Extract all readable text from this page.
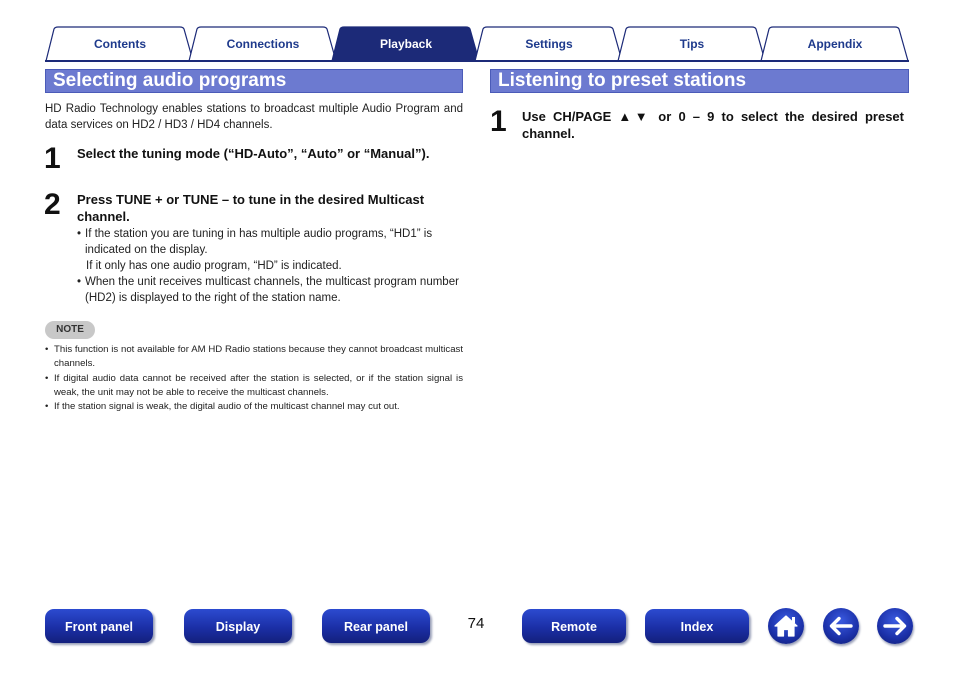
Contents	Connections	Playback	Settings	Tips	Appendix
Selecting audio programs
HD Radio Technology enables stations to broadcast multiple Audio Program and data services on HD2 / HD3 / HD4 channels.
1 Select the tuning mode (“HD-Auto”, “Auto” or “Manual”).
2 Press TUNE + or TUNE – to tune in the desired Multicast channel.
• If the station you are tuning in has multiple audio programs, “HD1” is indicated on the display.
If it only has one audio program, “HD” is indicated.
• When the unit receives multicast channels, the multicast program number (HD2) is displayed to the right of the station name.
NOTE
• This function is not available for AM HD Radio stations because they cannot broadcast multicast channels.
• If digital audio data cannot be received after the station is selected, or if the station signal is weak, the unit may not be able to receive the multicast channels.
• If the station signal is weak, the digital audio of the multicast channel may cut out.
Listening to preset stations
1 Use CH/PAGE ▲▼ or 0 – 9 to select the desired preset channel.
Front panel	Display	Rear panel	74	Remote	Index
